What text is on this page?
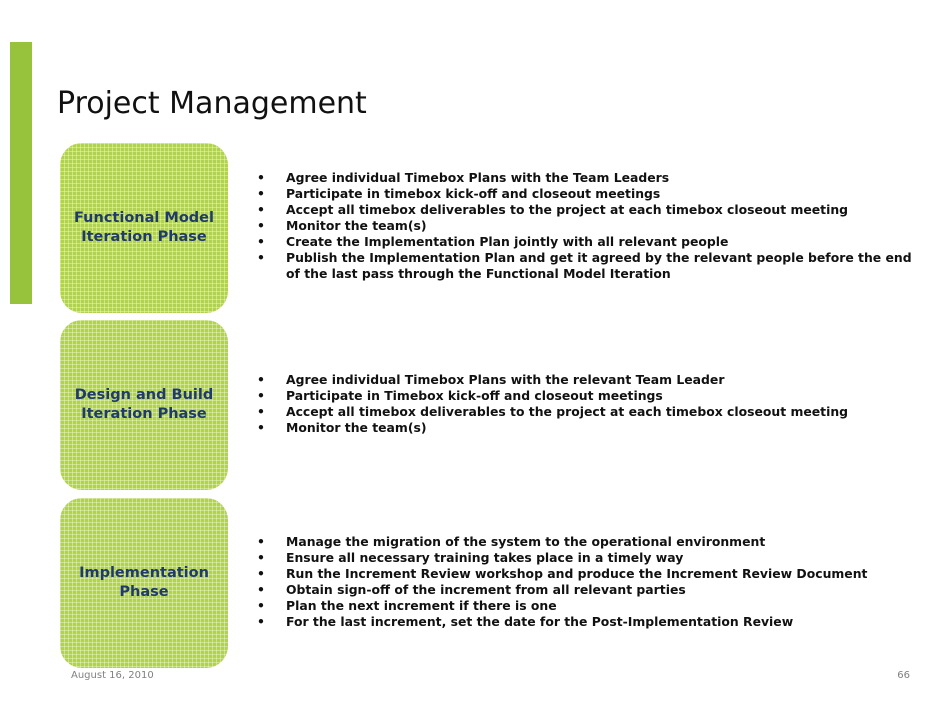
Project Management
Functional Model
Iteration Phase
• Agree individual Timebox Plans with the Team Leaders
• Participate in timebox kick-off and closeout meetings
• Accept all timebox deliverables to the project at each timebox closeout meeting
• Monitor the team(s)
• Create the Implementation Plan jointly with all relevant people
• Publish the Implementation Plan and get it agreed by the relevant people before the end of the last pass through the Functional Model Iteration
Design and Build
Iteration Phase
• Agree individual Timebox Plans with the relevant Team Leader
• Participate in Timebox kick-off and closeout meetings
• Accept all timebox deliverables to the project at each timebox closeout meeting
• Monitor the team(s)
Implementation
Phase
• Manage the migration of the system to the operational environment
• Ensure all necessary training takes place in a timely way
• Run the Increment Review workshop and produce the Increment Review Document
• Obtain sign-off of the increment from all relevant parties
• Plan the next increment if there is one
• For the last increment, set the date for the Post-Implementation Review
August 16, 2010	66
